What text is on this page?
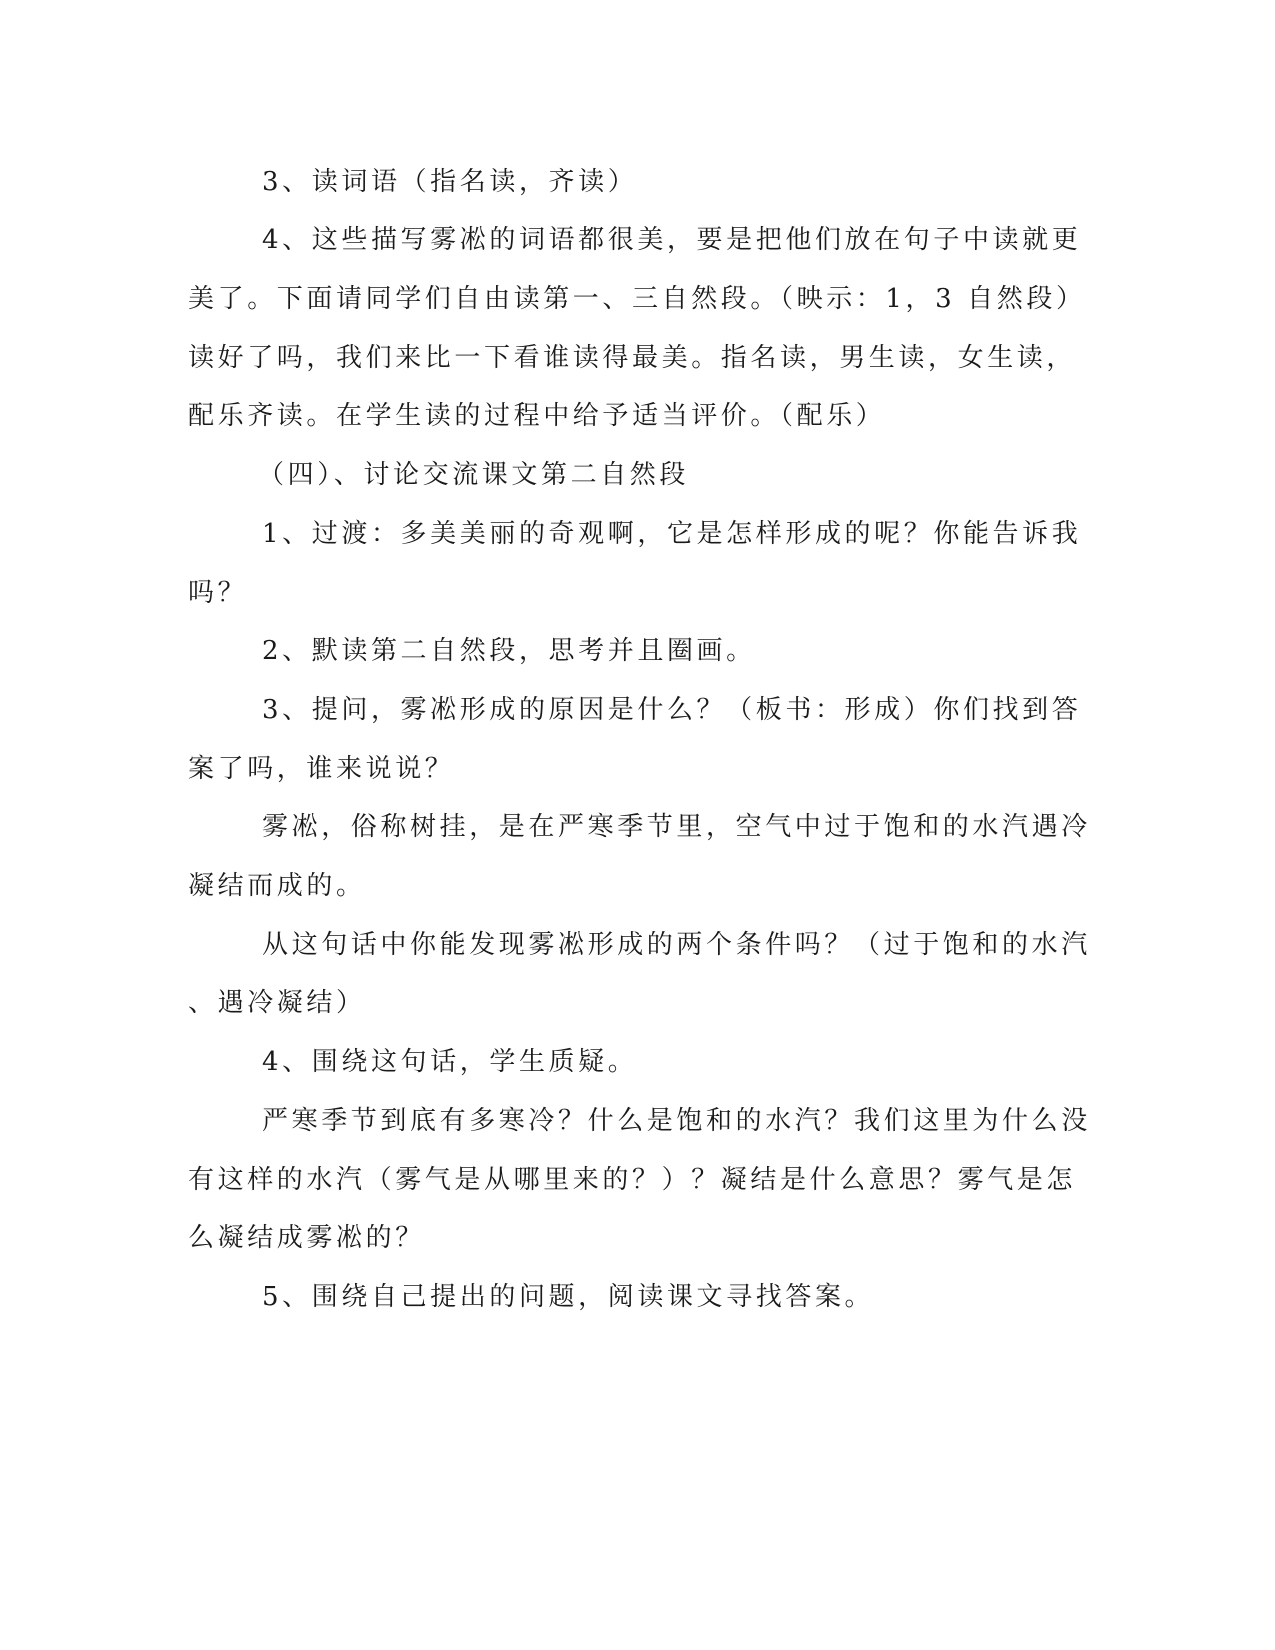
3、读词语（指名读，齐读）

4、这些描写雾凇的词语都很美，要是把他们放在句子中读就更

美了。下面请同学们自由读第一、三自然段。（映示：1，3 自然段）

读好了吗，我们来比一下看谁读得最美。指名读，男生读，女生读，

配乐齐读。在学生读的过程中给予适当评价。（配乐）

（四）、讨论交流课文第二自然段

1、过渡：多美美丽的奇观啊，它是怎样形成的呢？你能告诉我

吗？

2、默读第二自然段，思考并且圈画。

3、提问，雾凇形成的原因是什么？（板书：形成）你们找到答

案了吗，谁来说说？

雾凇，俗称树挂，是在严寒季节里，空气中过于饱和的水汽遇冷

凝结而成的。

从这句话中你能发现雾凇形成的两个条件吗？（过于饱和的水汽

、遇冷凝结）

4、围绕这句话，学生质疑。

严寒季节到底有多寒冷？什么是饱和的水汽？我们这里为什么没

有这样的水汽（雾气是从哪里来的？）？凝结是什么意思？雾气是怎

么凝结成雾凇的？

5、围绕自己提出的问题，阅读课文寻找答案。
